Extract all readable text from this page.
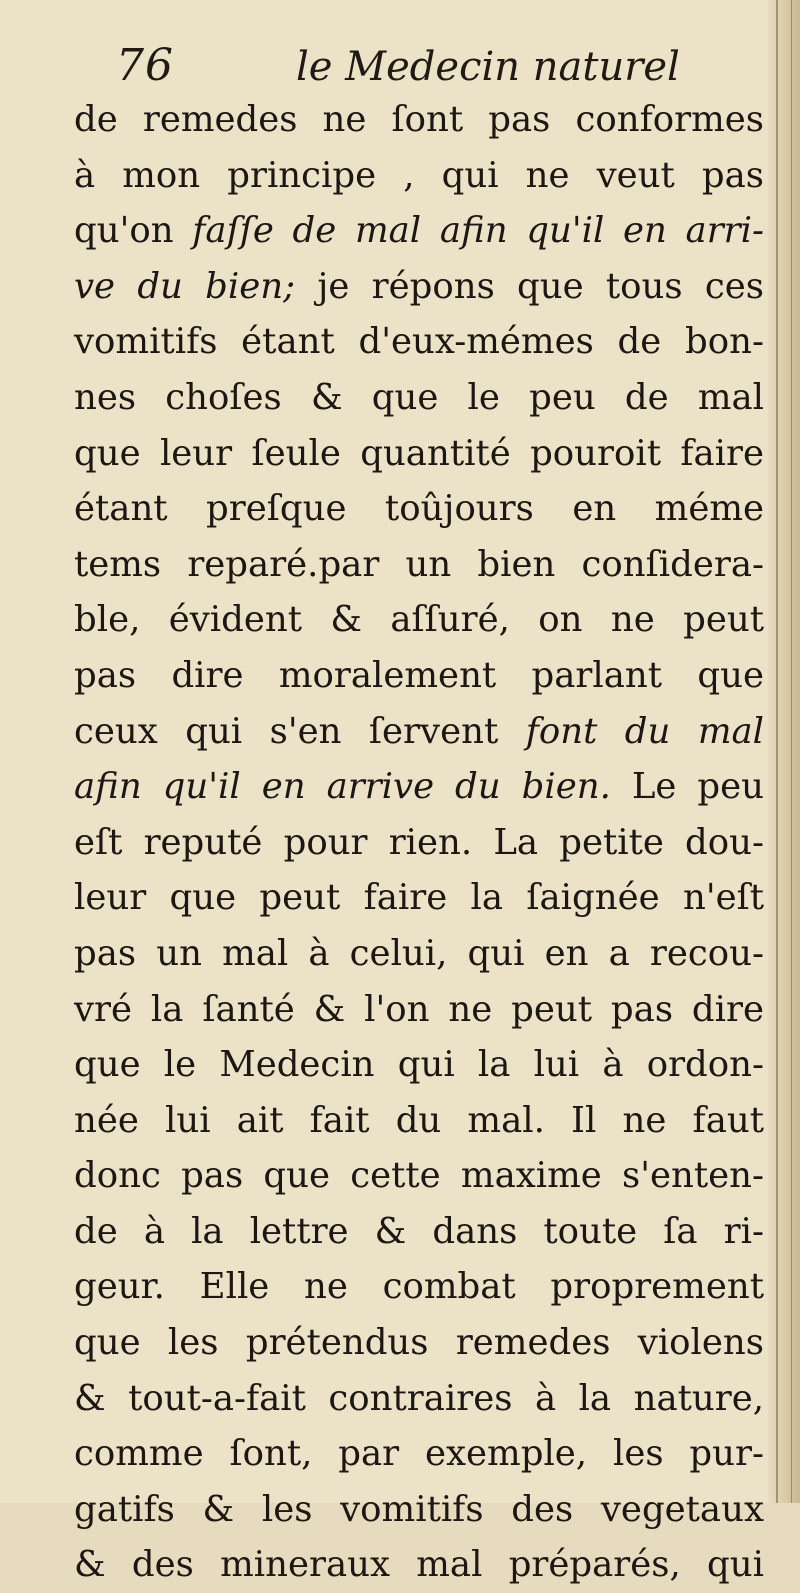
76	le Medecin naturel
de remedes ne ſont pas conformes
à mon principe , qui ne veut pas
qu'on faſſe de mal afin qu'il en arri-
ve du bien; je répons que tous ces
vomitifs étant d'eux-mémes de bon-
nes choſes & que le peu de mal
que leur ſeule quantité pouroit faire
étant preſque toûjours en méme
tems reparé.par un bien conſidera-
ble, évident & aſſuré, on ne peut
pas dire moralement parlant que
ceux qui s'en ſervent font du mal
afin qu'il en arrive du bien. Le peu
eſt reputé pour rien. La petite dou-
leur que peut faire la ſaignée n'eſt
pas un mal à celui, qui en a recou-
vré la ſanté & l'on ne peut pas dire
que le Medecin qui la lui à ordon-
née lui ait fait du mal. Il ne faut
donc pas que cette maxime s'enten-
de à la lettre & dans toute ſa ri-
geur. Elle ne combat proprement
que les prétendus remedes violens
& tout-a-fait contraires à la nature,
comme ſont, par exemple, les pur-
gatifs & les vomitifs des vegetaux
& des mineraux mal préparés, qui
